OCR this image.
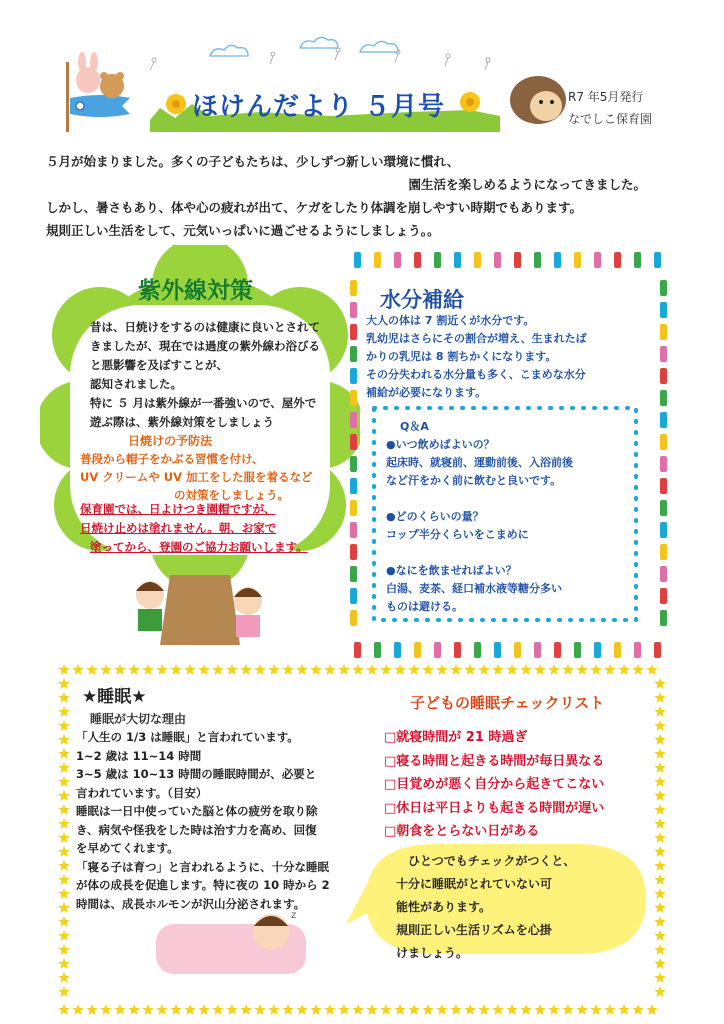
ほけんだより ５月号	R7 年5月発行
なでしこ保育園

５月が始まりました。多くの子どもたちは、少しずつ新しい環境に慣れ、

園生活を楽しめるようになってきました。

しかし、暑さもあり、体や心の疲れが出て、ケガをしたり体調を崩しやすい時期でもあります。

規則正しい生活をして、元気いっぱいに過ごせるようにしましょう。。

紫外線対策

昔は、日焼けをするのは健康に良いとされて

きましたが、現在では過度の紫外線わ浴びる

と悪影響を及ぼすことが、

認知されました。

特に ５ 月は紫外線が一番強いので、屋外で

遊ぶ際は、紫外線対策をしましょう

日焼けの予防法

普段から帽子をかぶる習慣を付け、

UV クリームや UV 加工をした服を着るなど

の対策をしましょう。

保育園では、日よけつき園帽ですが、

日焼け止めは塗れません。朝、お家で

塗ってから、登園のご協力お願いします。

水分補給

大人の体は 7 割近くが水分です。

乳幼児はさらにその割合が増え、生まれたば

かりの乳児は 8 割ちかくになります。

その分失われる水分量も多く、こまめな水分

補給が必要になります。

Q＆A

●いつ飲めばよいの？

起床時、就寝前、運動前後、入浴前後

など汗をかく前に飲むと良いです。

●どのくらいの量？

コップ半分くらいをこまめに

●なにを飲ませればよい？

白湯、麦茶、経口補水液等糖分多い

ものは避ける。

z
★睡眠★
睡眠が大切な理由

「人生の 1/3 は睡眠」と言われています。

1~2 歳は 11~14 時間

3~5 歳は 10~13 時間の睡眠時間が、必要と

言われています。（目安）

睡眠は一日中使っていた脳と体の疲労を取り除

き、病気や怪我をした時は治す力を高め、回復

を早めてくれます。

「寝る子は育つ」と言われるように、十分な睡眠

が体の成長を促進します。特に夜の 10 時から 2

時間は、成長ホルモンが沢山分泌されます。

子どもの睡眠チェックリスト
□就寝時間が 21 時過ぎ
□寝る時間と起きる時間が毎日異なる
□目覚めが悪く自分から起きてこない
□休日は平日よりも起きる時間が遅い
□朝食をとらない日がある

ひとつでもチェックがつくと、

十分に睡眠がとれていない可

能性があります。

規則正しい生活リズムを心掛

けましょう。
